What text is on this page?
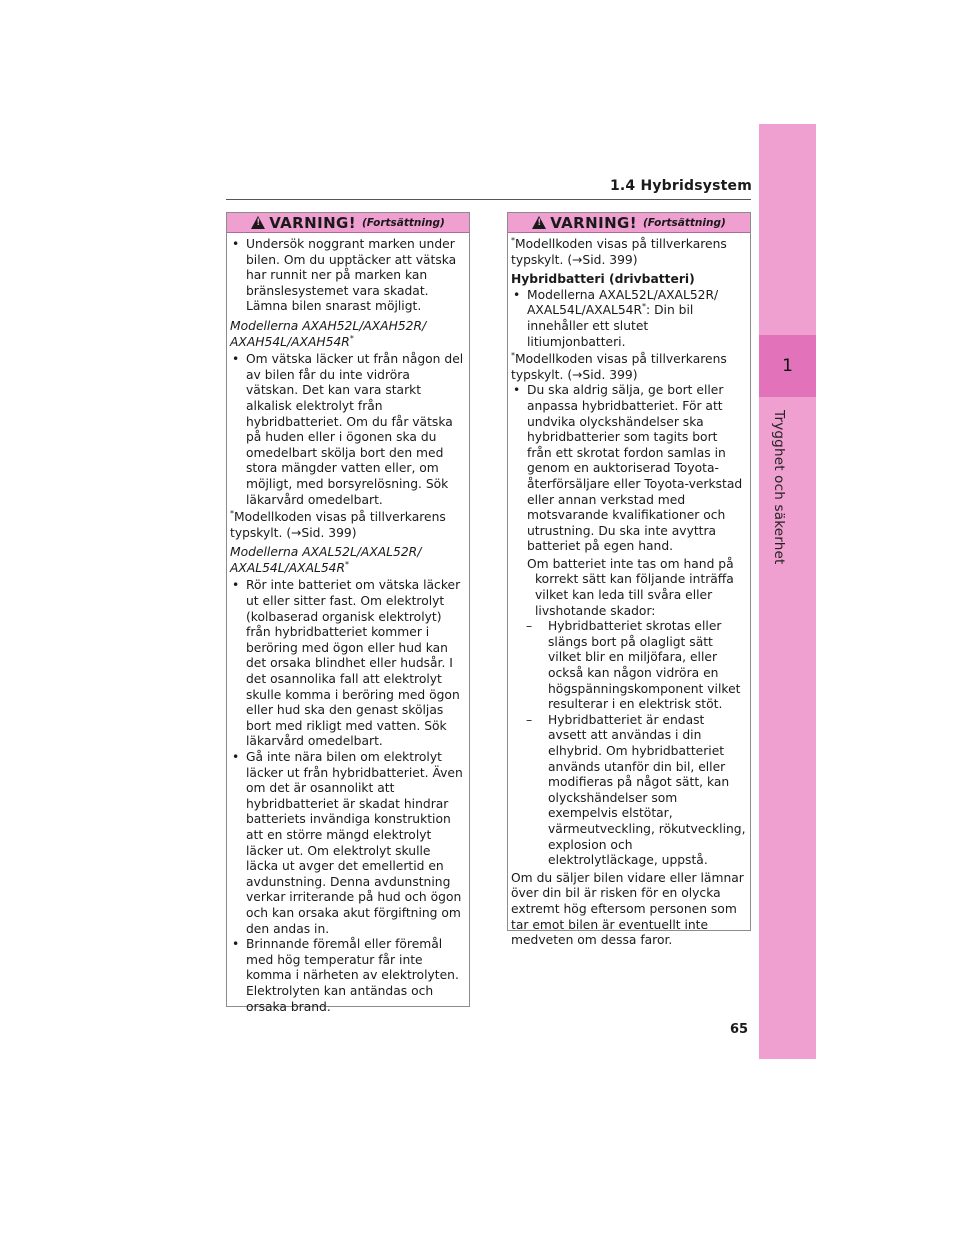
1.4 Hybridsystem
1
Trygghet och säkerhet
!
VARNING! (Fortsättning)

• Undersök noggrant marken under bilen. Om du upptäcker att vätska har runnit ner på marken kan bränslesystemet vara skadat. Lämna bilen snarast möjligt.

Modellerna AXAH52L/AXAH52R/ AXAH54L/AXAH54R*

• Om vätska läcker ut från någon del av bilen får du inte vidröra vätskan. Det kan vara starkt alkalisk elektrolyt från hybridbatteriet. Om du får vätska på huden eller i ögonen ska du omedelbart skölja bort den med stora mängder vatten eller, om möjligt, med borsyrelösning. Sök läkarvård omedelbart.

*Modellkoden visas på tillverkarens typskylt. (→Sid. 399)

Modellerna AXAL52L/AXAL52R/ AXAL54L/AXAL54R*

• Rör inte batteriet om vätska läcker ut eller sitter fast. Om elektrolyt (kolbaserad organisk elektrolyt) från hybridbatteriet kommer i beröring med ögon eller hud kan det orsaka blindhet eller hudsår. I det osannolika fall att elektrolyt skulle komma i beröring med ögon eller hud ska den genast sköljas bort med rikligt med vatten. Sök läkarvård omedelbart.

• Gå inte nära bilen om elektrolyt läcker ut från hybridbatteriet. Även om det är osannolikt att hybridbatteriet är skadat hindrar batteriets invändiga konstruktion att en större mängd elektrolyt läcker ut. Om elektrolyt skulle läcka ut avger det emellertid en avdunstning. Denna avdunstning verkar irriterande på hud och ögon och kan orsaka akut förgiftning om den andas in.

• Brinnande föremål eller föremål med hög temperatur får inte komma i närheten av elektrolyten. Elektrolyten kan antändas och orsaka brand.

!
VARNING! (Fortsättning)

*Modellkoden visas på tillverkarens typskylt. (→Sid. 399)

Hybridbatteri (drivbatteri)

• Modellerna AXAL52L/AXAL52R/ AXAL54L/AXAL54R*: Din bil innehåller ett slutet litiumjonbatteri.

*Modellkoden visas på tillverkarens typskylt. (→Sid. 399)

• Du ska aldrig sälja, ge bort eller anpassa hybridbatteriet. För att undvika olyckshändelser ska hybridbatterier som tagits bort från ett skrotat fordon samlas in genom en auktoriserad Toyota-återförsäljare eller Toyota-verkstad eller annan verkstad med motsvarande kvalifikationer och utrustning. Du ska inte avyttra batteriet på egen hand.

Om batteriet inte tas om hand på korrekt sätt kan följande inträffa vilket kan leda till svåra eller livshotande skador:

– Hybridbatteriet skrotas eller slängs bort på olagligt sätt vilket blir en miljöfara, eller också kan någon vidröra en högspänningskomponent vilket resulterar i en elektrisk stöt.

– Hybridbatteriet är endast avsett att användas i din elhybrid. Om hybridbatteriet används utanför din bil, eller modifieras på något sätt, kan olyckshändelser som exempelvis elstötar, värmeutveckling, rökutveckling, explosion och elektrolytläckage, uppstå.

Om du säljer bilen vidare eller lämnar över din bil är risken för en olycka extremt hög eftersom personen som tar emot bilen är eventuellt inte medveten om dessa faror.

65
